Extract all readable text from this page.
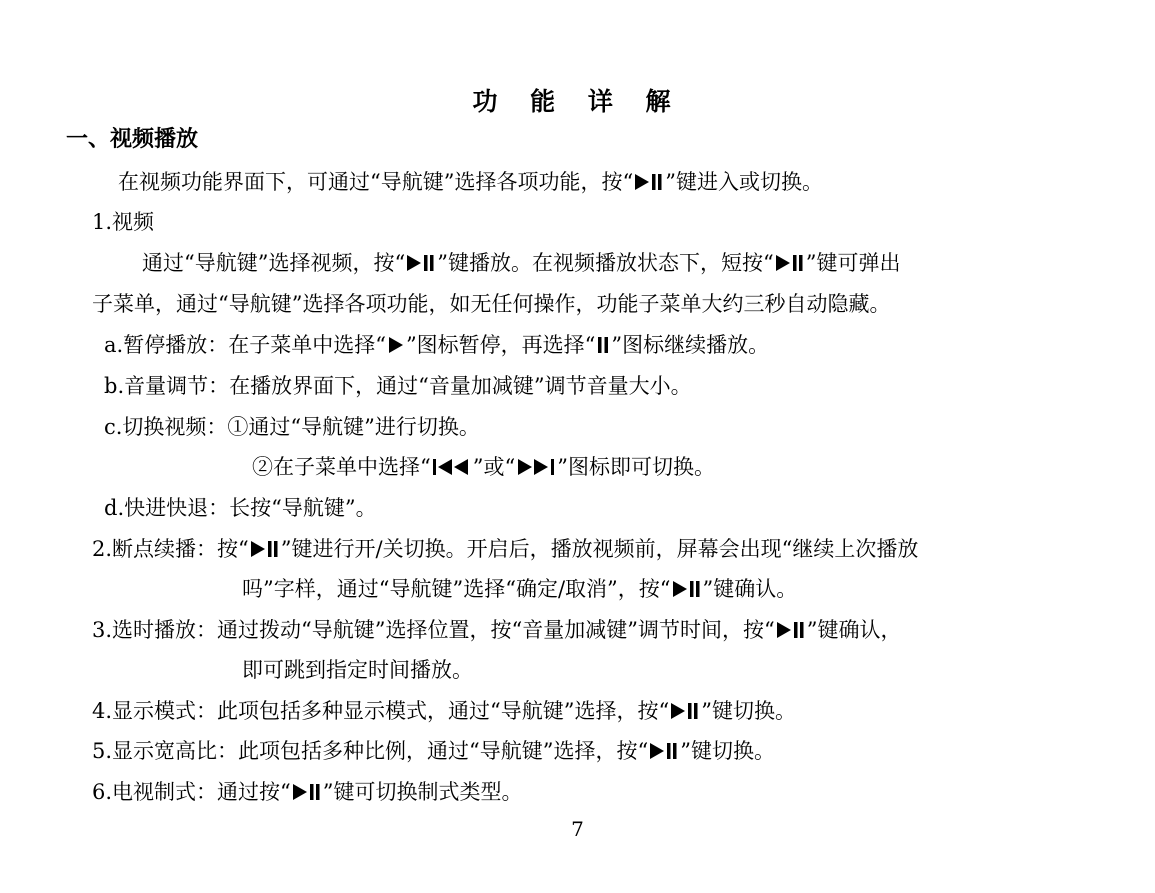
功 能 详 解
一、视频播放
在视频功能界面下，可通过“导航键”选择各项功能，按“ ”键进入或切换。
1.视频
通过“导航键”选择视频，按“ ”键播放。在视频播放状态下，短按“ ”键可弹出
子菜单，通过“导航键”选择各项功能，如无任何操作，功能子菜单大约三秒自动隐藏。
a.暂停播放：在子菜单中选择“ ”图标暂停，再选择“ ”图标继续播放。
b.音量调节：在播放界面下，通过“音量加减键”调节音量大小。
c.切换视频：①通过“导航键”进行切换。
②在子菜单中选择“ ”或“ ”图标即可切换。
d.快进快退：长按“导航键”。
2.断点续播：按“ ”键进行开/关切换。开启后，播放视频前，屏幕会出现“继续上次播放
吗”字样，通过“导航键”选择“确定/取消”，按“ ”键确认。
3.选时播放：通过拨动“导航键”选择位置，按“音量加减键”调节时间，按“ ”键确认，
即可跳到指定时间播放。
4.显示模式：此项包括多种显示模式，通过“导航键”选择，按“ ”键切换。
5.显示宽高比：此项包括多种比例，通过“导航键”选择，按“ ”键切换。
6.电视制式：通过按“ ”键可切换制式类型。
7
